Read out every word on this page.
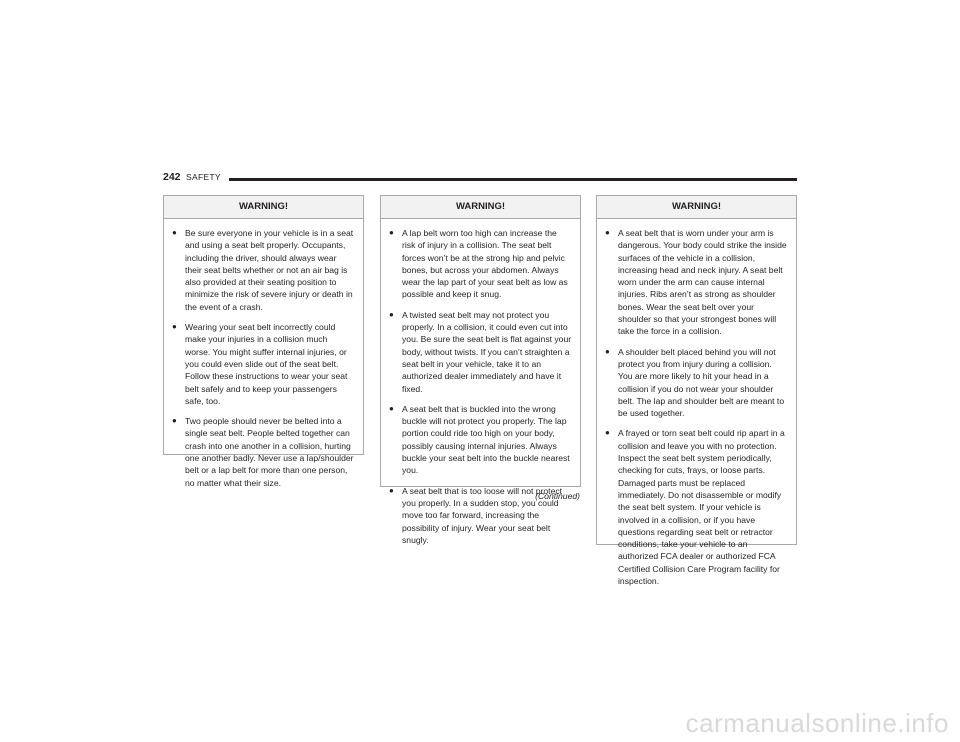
242 SAFETY
WARNING!
● Be sure everyone in your vehicle is in a seat and using a seat belt properly. Occupants, including the driver, should always wear their seat belts whether or not an air bag is also provided at their seating position to minimize the risk of severe injury or death in the event of a crash.
● Wearing your seat belt incorrectly could make your injuries in a collision much worse. You might suffer internal injuries, or you could even slide out of the seat belt. Follow these instructions to wear your seat belt safely and to keep your passengers safe, too.
● Two people should never be belted into a single seat belt. People belted together can crash into one another in a collision, hurting one another badly. Never use a lap/shoulder belt or a lap belt for more than one person, no matter what their size.
WARNING!
● A lap belt worn too high can increase the risk of injury in a collision. The seat belt forces won’t be at the strong hip and pelvic bones, but across your abdomen. Always wear the lap part of your seat belt as low as possible and keep it snug.
● A twisted seat belt may not protect you properly. In a collision, it could even cut into you. Be sure the seat belt is flat against your body, without twists. If you can’t straighten a seat belt in your vehicle, take it to an authorized dealer immediately and have it fixed.
● A seat belt that is buckled into the wrong buckle will not protect you properly. The lap portion could ride too high on your body, possibly causing internal injuries. Always buckle your seat belt into the buckle nearest you.
● A seat belt that is too loose will not protect you properly. In a sudden stop, you could move too far forward, increasing the possibility of injury. Wear your seat belt snugly.
(Continued)
WARNING!
● A seat belt that is worn under your arm is dangerous. Your body could strike the inside surfaces of the vehicle in a collision, increasing head and neck injury. A seat belt worn under the arm can cause internal injuries. Ribs aren’t as strong as shoulder bones. Wear the seat belt over your shoulder so that your strongest bones will take the force in a collision.
● A shoulder belt placed behind you will not protect you from injury during a collision. You are more likely to hit your head in a collision if you do not wear your shoulder belt. The lap and shoulder belt are meant to be used together.
● A frayed or torn seat belt could rip apart in a collision and leave you with no protection. Inspect the seat belt system periodically, checking for cuts, frays, or loose parts. Damaged parts must be replaced immediately. Do not disassemble or modify the seat belt system. If your vehicle is involved in a collision, or if you have questions regarding seat belt or retractor conditions, take your vehicle to an authorized FCA dealer or authorized FCA Certified Collision Care Program facility for inspection.
carmanualsonline.info
